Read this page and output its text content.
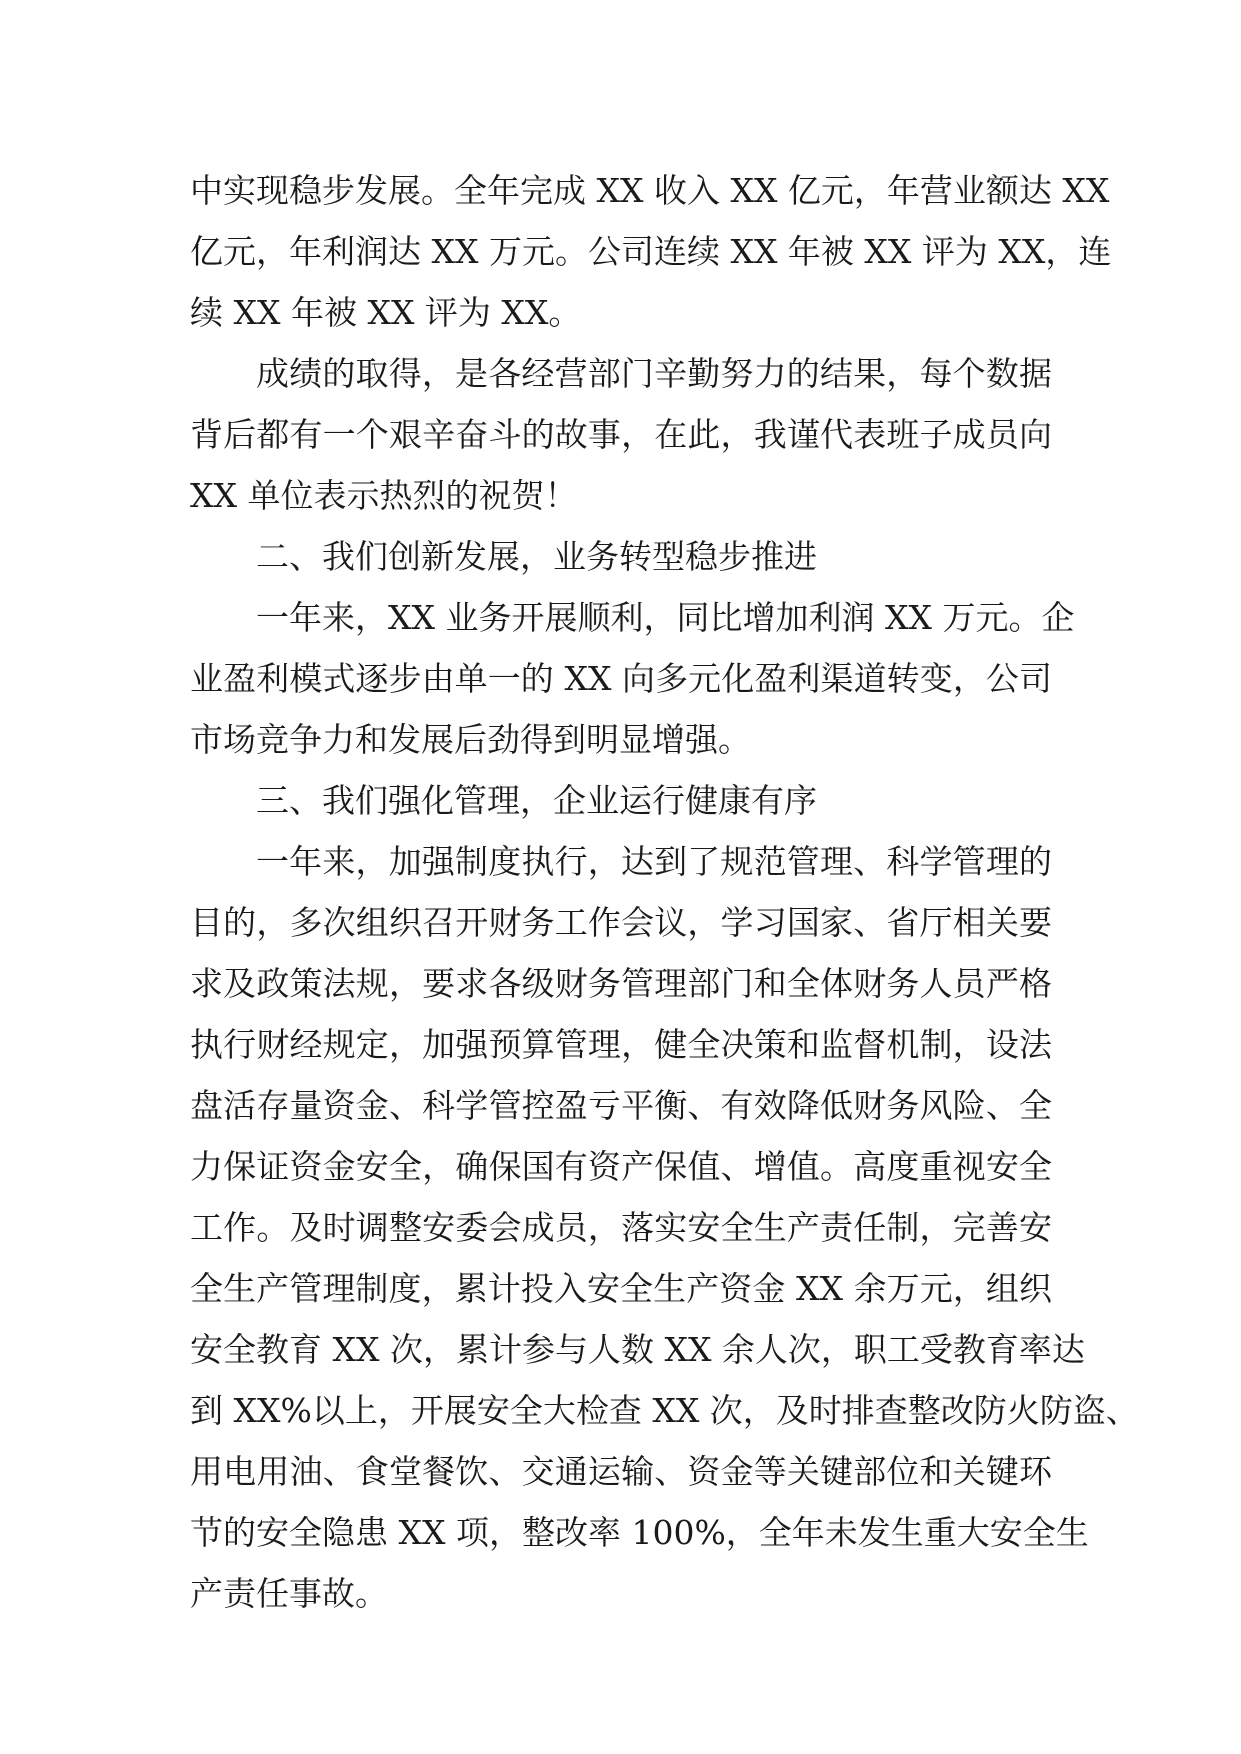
中实现稳步发展。全年完成 XX 收入 XX 亿元，年营业额达 XX
亿元，年利润达 XX 万元。公司连续 XX 年被 XX 评为 XX，连
续 XX 年被 XX 评为 XX。
成绩的取得，是各经营部门辛勤努力的结果，每个数据
背后都有一个艰辛奋斗的故事，在此，我谨代表班子成员向
XX 单位表示热烈的祝贺！
二、我们创新发展，业务转型稳步推进
一年来，XX 业务开展顺利，同比增加利润 XX 万元。企
业盈利模式逐步由单一的 XX 向多元化盈利渠道转变，公司
市场竞争力和发展后劲得到明显增强。
三、我们强化管理，企业运行健康有序
一年来，加强制度执行，达到了规范管理、科学管理的
目的，多次组织召开财务工作会议，学习国家、省厅相关要
求及政策法规，要求各级财务管理部门和全体财务人员严格
执行财经规定，加强预算管理，健全决策和监督机制，设法
盘活存量资金、科学管控盈亏平衡、有效降低财务风险、全
力保证资金安全，确保国有资产保值、增值。高度重视安全
工作。及时调整安委会成员，落实安全生产责任制，完善安
全生产管理制度，累计投入安全生产资金 XX 余万元，组织
安全教育 XX 次，累计参与人数 XX 余人次，职工受教育率达
到 XX%以上，开展安全大检查 XX 次，及时排查整改防火防盗、
用电用油、食堂餐饮、交通运输、资金等关键部位和关键环
节的安全隐患 XX 项，整改率 100%，全年未发生重大安全生
产责任事故。
